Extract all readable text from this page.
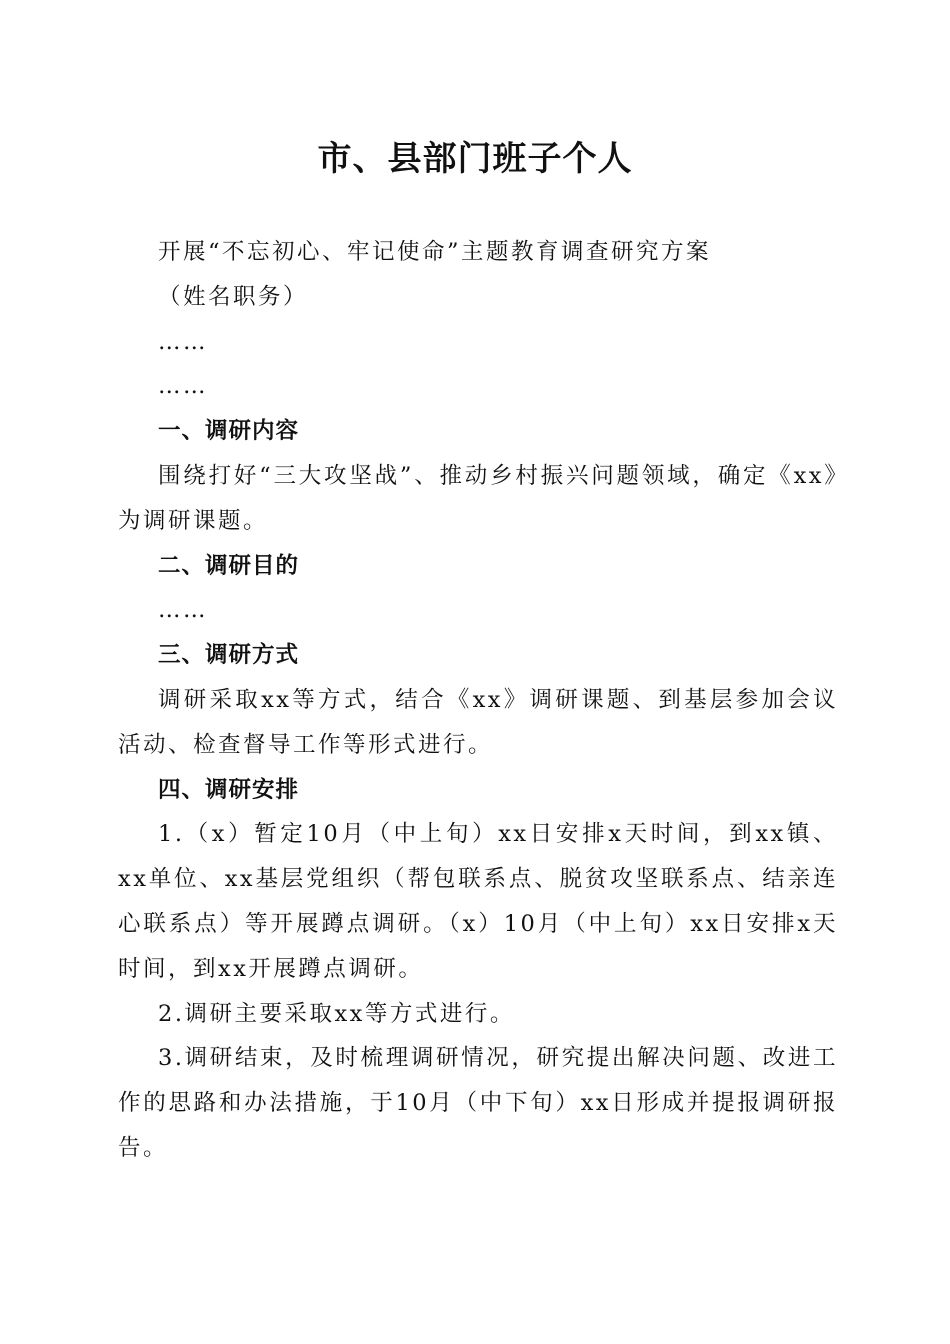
市、县部门班子个人

开展“不忘初心、牢记使命”主题教育调查研究方案

（姓名职务）

……

……

一、调研内容

围绕打好“三大攻坚战”、推动乡村振兴问题领域，确定《xx》为调研课题。

二、调研目的

……

三、调研方式

调研采取xx等方式，结合《xx》调研课题、到基层参加会议活动、检查督导工作等形式进行。

四、调研安排

1.（x）暂定10月（中上旬）xx日安排x天时间，到xx镇、xx单位、xx基层党组织（帮包联系点、脱贫攻坚联系点、结亲连心联系点）等开展蹲点调研。（x）10月（中上旬）xx日安排x天时间，到xx开展蹲点调研。

2.调研主要采取xx等方式进行。

3.调研结束，及时梳理调研情况，研究提出解决问题、改进工作的思路和办法措施，于10月（中下旬）xx日形成并提报调研报告。
